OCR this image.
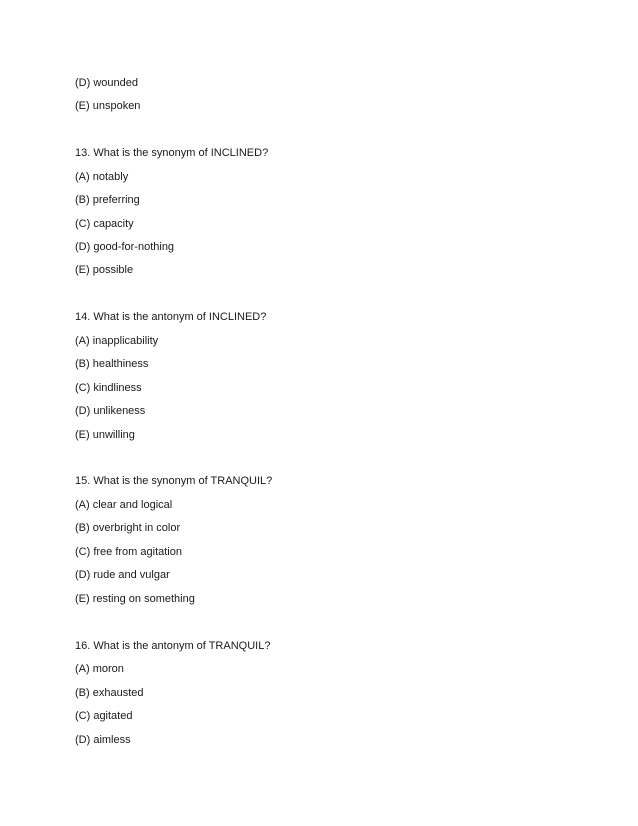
(D) wounded
(E) unspoken
13. What is the synonym of INCLINED?
(A) notably
(B) preferring
(C) capacity
(D) good-for-nothing
(E) possible
14. What is the antonym of INCLINED?
(A) inapplicability
(B) healthiness
(C) kindliness
(D) unlikeness
(E) unwilling
15. What is the synonym of TRANQUIL?
(A) clear and logical
(B) overbright in color
(C) free from agitation
(D) rude and vulgar
(E) resting on something
16. What is the antonym of TRANQUIL?
(A) moron
(B) exhausted
(C) agitated
(D) aimless
